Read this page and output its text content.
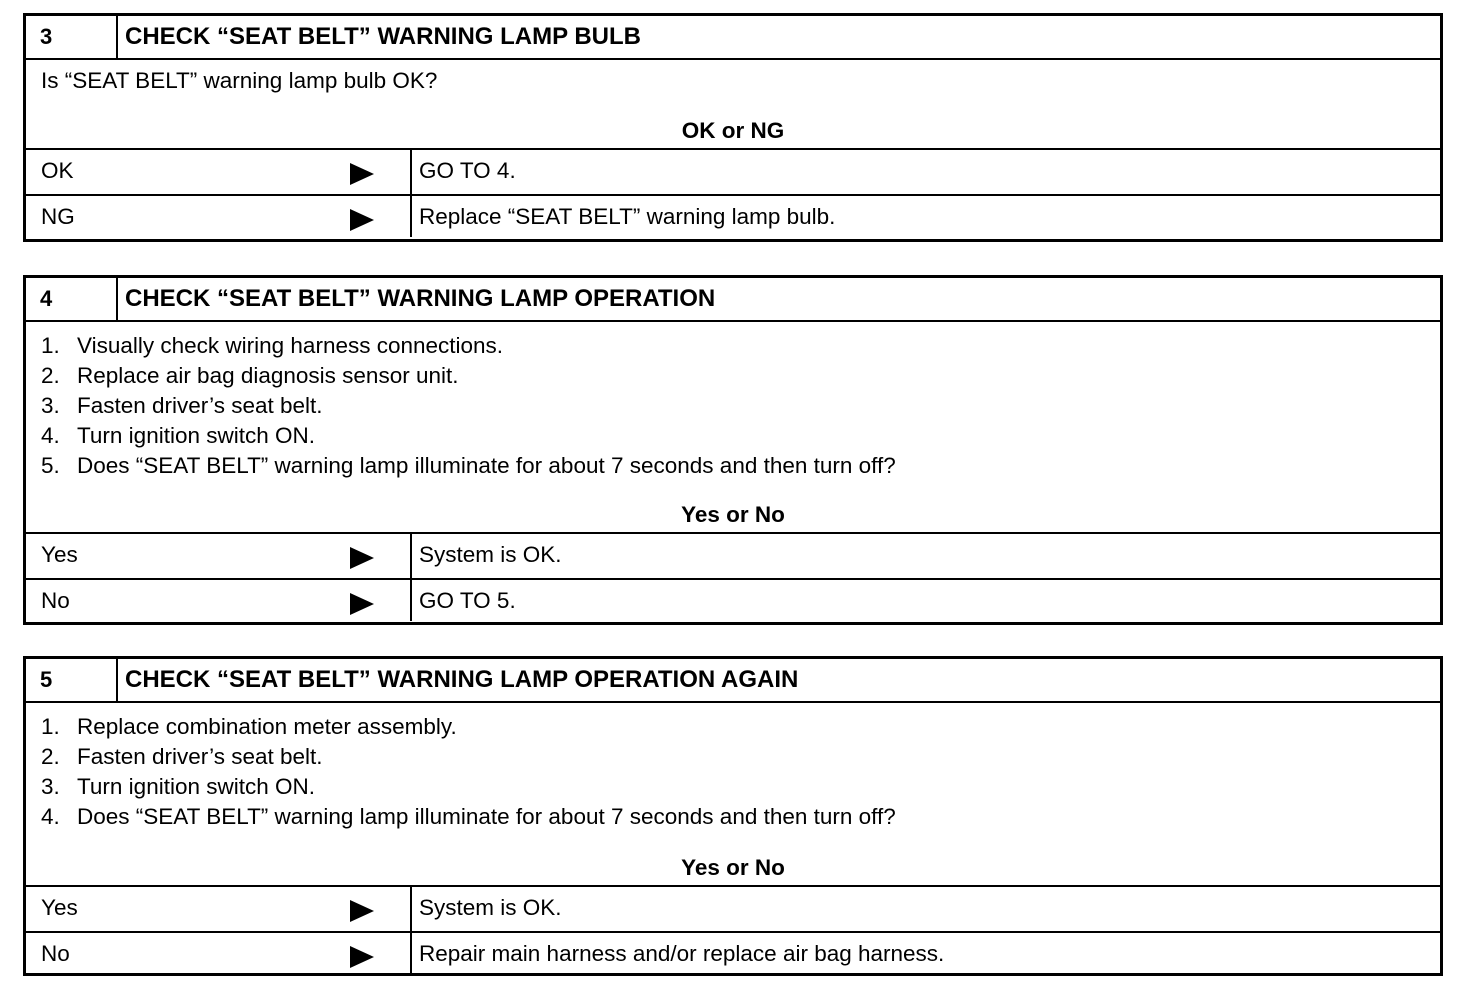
3	CHECK “SEAT BELT” WARNING LAMP BULB

Is “SEAT BELT” warning lamp bulb OK?

OK or NG
OK	GO TO 4.
NG	Replace “SEAT BELT” warning lamp bulb.
4	CHECK “SEAT BELT” WARNING LAMP OPERATION
1. Visually check wiring harness connections.
2. Replace air bag diagnosis sensor unit.
3. Fasten driver’s seat belt.
4. Turn ignition switch ON.
5. Does “SEAT BELT” warning lamp illuminate for about 7 seconds and then turn off?
Yes or No
Yes	System is OK.
No	GO TO 5.
5	CHECK “SEAT BELT” WARNING LAMP OPERATION AGAIN
1. Replace combination meter assembly.
2. Fasten driver’s seat belt.
3. Turn ignition switch ON.
4. Does “SEAT BELT” warning lamp illuminate for about 7 seconds and then turn off?
Yes or No
Yes	System is OK.
No	Repair main harness and/or replace air bag harness.
